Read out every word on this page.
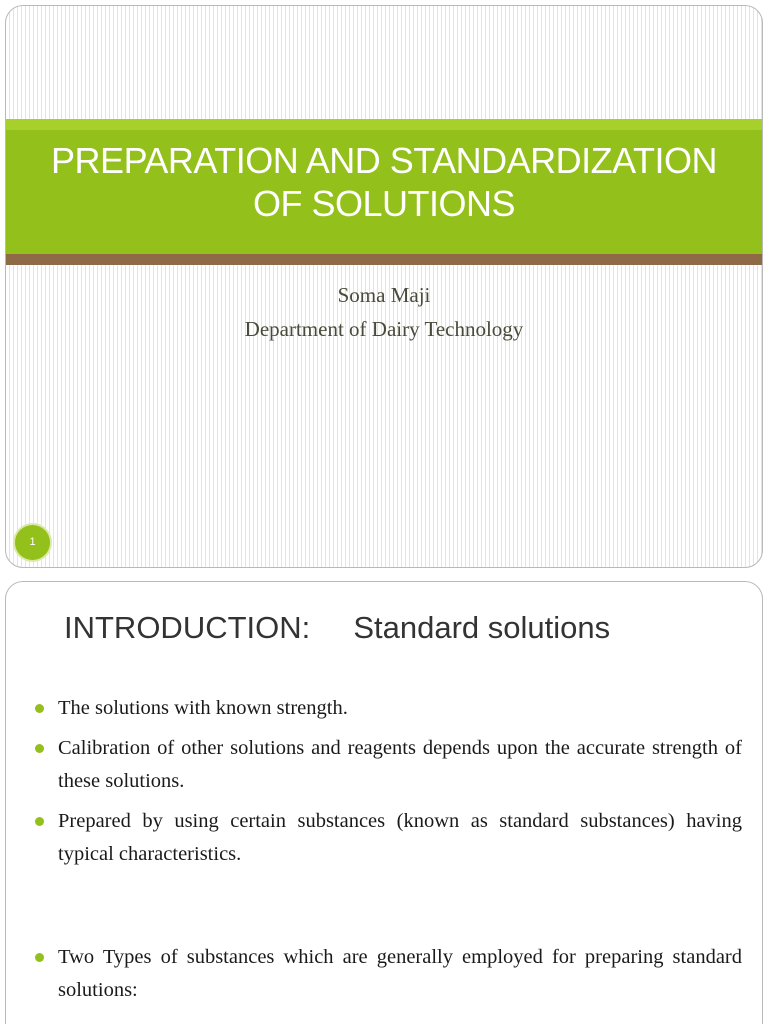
PREPARATION AND STANDARDIZATION
OF SOLUTIONS
Soma Maji
Department of Dairy Technology
1
INTRODUCTION:     Standard solutions
The solutions with known strength.
Calibration of other solutions and reagents depends upon the accurate strength of these solutions.
Prepared by using certain substances (known as standard substances) having typical characteristics.
Two Types of substances which are generally employed for preparing standard solutions:
